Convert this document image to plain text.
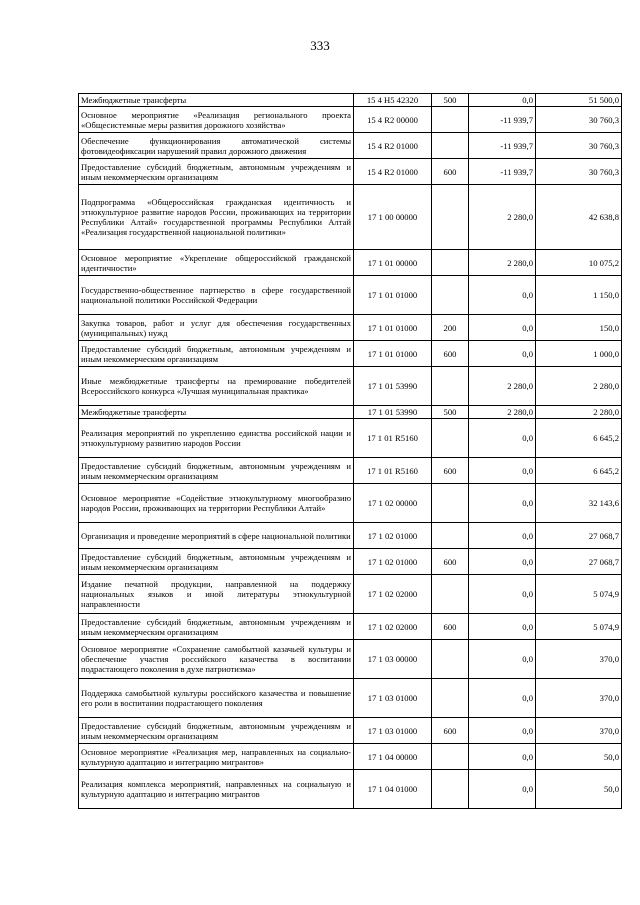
333
Межбюджетные трансферты	15 4 Н5 42320	500	0,0	51 500,0
Основное мероприятие «Реализация регионального проекта «Общесистемные меры развития дорожного хозяйства»	15 4 R2 00000		-11 939,7	30 760,3
Обеспечение функционирования автоматической системы фотовидеофиксации нарушений правил дорожного движения	15 4 R2 01000		-11 939,7	30 760,3
Предоставление субсидий бюджетным, автономным учреждениям и иным некоммерческим организациям	15 4 R2 01000	600	-11 939,7	30 760,3
Подпрограмма «Общероссийская гражданская идентичность и этнокультурное развитие народов России, проживающих на территории Республики Алтай» государственной программы Республики Алтай «Реализация государственной национальной политики»	17 1 00 00000		2 280,0	42 638,8
Основное мероприятие «Укрепление общероссийской гражданской идентичности»	17 1 01 00000		2 280,0	10 075,2
Государственно-общественное партнерство в сфере государственной национальной политики Российской Федерации	17 1 01 01000		0,0	1 150,0
Закупка товаров, работ и услуг для обеспечения государственных (муниципальных) нужд	17 1 01 01000	200	0,0	150,0
Предоставление субсидий бюджетным, автономным учреждениям и иным некоммерческим организациям	17 1 01 01000	600	0,0	1 000,0
Иные межбюджетные трансферты на премирование победителей Всероссийского конкурса «Лучшая муниципальная практика»	17 1 01 53990		2 280,0	2 280,0
Межбюджетные трансферты	17 1 01 53990	500	2 280,0	2 280,0
Реализация мероприятий по укреплению единства российской нации и этнокультурному развитию народов России	17 1 01 R5160		0,0	6 645,2
Предоставление субсидий бюджетным, автономным учреждениям и иным некоммерческим организациям	17 1 01 R5160	600	0,0	6 645,2
Основное мероприятие «Содействие этнокультурному многообразию народов России, проживающих на территории Республики Алтай»	17 1 02 00000		0,0	32 143,6
Организация и проведение мероприятий в сфере национальной политики	17 1 02 01000		0,0	27 068,7
Предоставление субсидий бюджетным, автономным учреждениям и иным некоммерческим организациям	17 1 02 01000	600	0,0	27 068,7
Издание печатной продукции, направленной на поддержку национальных языков и иной литературы этнокультурной направленности	17 1 02 02000		0,0	5 074,9
Предоставление субсидий бюджетным, автономным учреждениям и иным некоммерческим организациям	17 1 02 02000	600	0,0	5 074,9
Основное мероприятие «Сохранение самобытной казачьей культуры и обеспечение участия российского казачества в воспитании подрастающего поколения в духе патриотизма»	17 1 03 00000		0,0	370,0
Поддержка самобытной культуры российского казачества и повышение его роли в воспитании подрастающего поколения	17 1 03 01000		0,0	370,0
Предоставление субсидий бюджетным, автономным учреждениям и иным некоммерческим организациям	17 1 03 01000	600	0,0	370,0
Основное мероприятие «Реализация мер, направленных на социально-культурную адаптацию и интеграцию мигрантов»	17 1 04 00000		0,0	50,0
Реализация комплекса мероприятий, направленных на социальную и культурную адаптацию и интеграцию мигрантов	17 1 04 01000		0,0	50,0
